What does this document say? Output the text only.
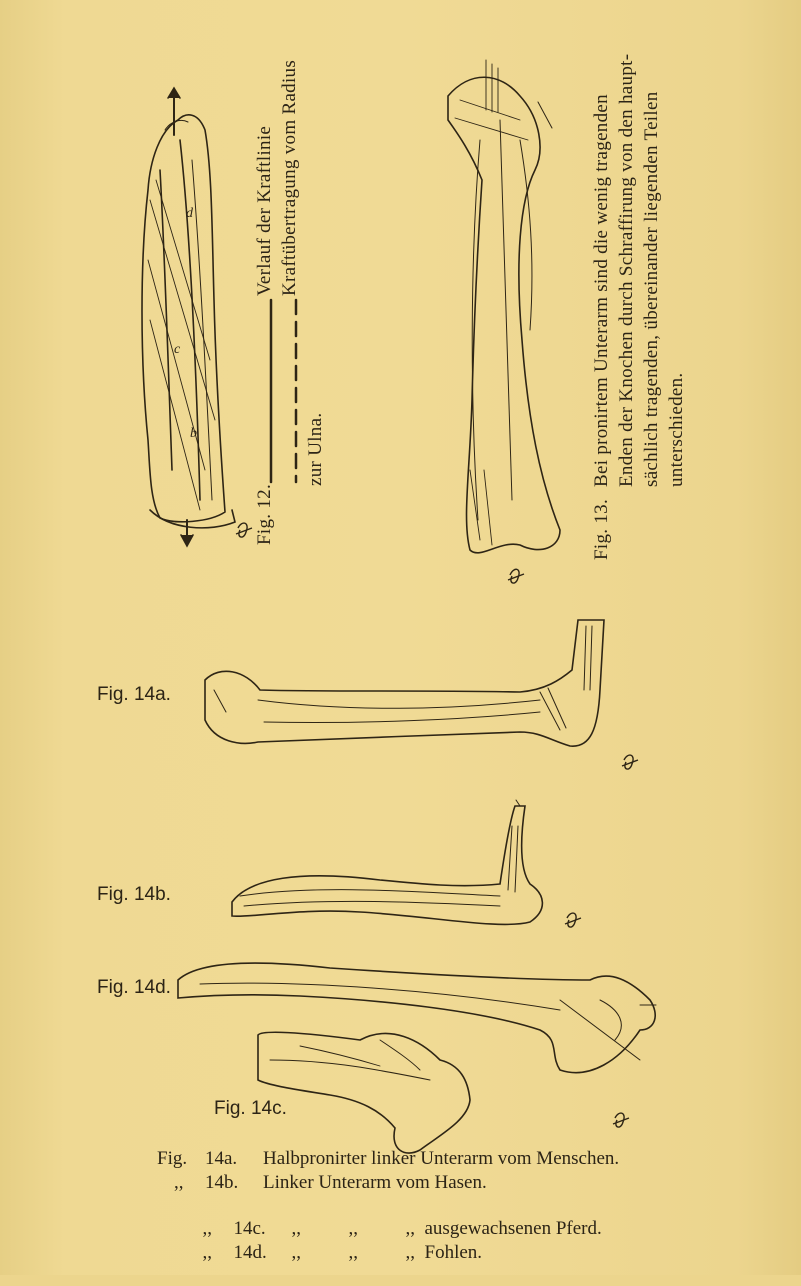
c
d
b
Fig. 12.
Verlauf der Kraftlinie Kraftübertragung vom Radius
zur Ulna.
Fig. 13.
Bei pronirtem Unterarm sind die wenig tragenden Enden der Knochen durch Schraffirung von den haupt- sächlich tragenden, übereinander liegenden Teilen unterschieden.
Fig. 14a.
Fig. 14b.
Fig. 14d.
Fig. 14c.
Fig. 14a. Halbpronirter linker Unterarm vom Menschen.
,, 14b. Linker Unterarm vom Hasen.

,, 14c. ,,          ,,          ,,  ausgewachsenen Pferd.

,, 14d. ,,          ,,          ,,  Fohlen.
